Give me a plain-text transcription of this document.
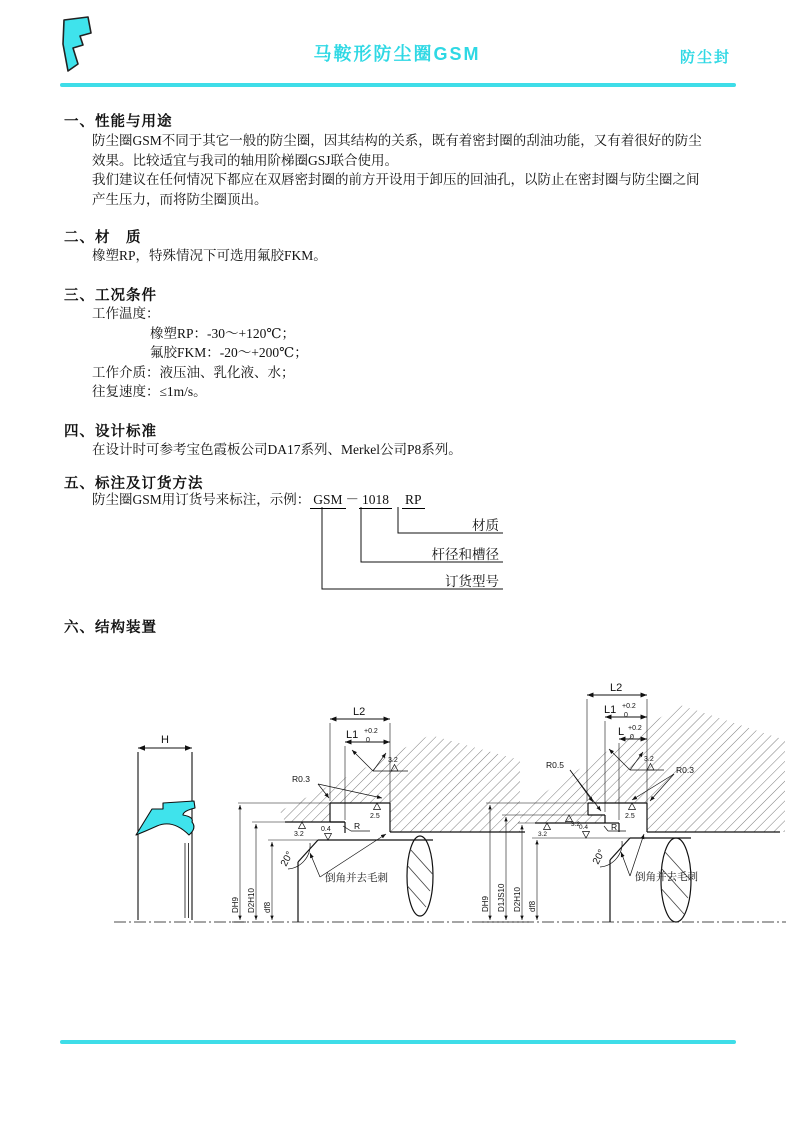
马鞍形防尘圈GSM	防尘封
一、性能与用途
防尘圈GSM不同于其它一般的防尘圈，因其结构的关系，既有着密封圈的刮油功能，又有着很好的防尘
效果。比较适宜与我司的轴用阶梯圈GSJ联合使用。
我们建议在任何情况下都应在双唇密封圈的前方开设用于卸压的回油孔，以防止在密封圈与防尘圈之间
产生压力，而将防尘圈顶出。
二、材　质
橡塑RP，特殊情况下可选用氟胶FKM。
三、工况条件
工作温度：
橡塑RP：-30～+120℃；
氟胶FKM：-20～+200℃；
工作介质：液压油、乳化液、水；
往复速度：≤1m/s。
四、设计标准
在设计时可参考宝色霞板公司DA17系列、Merkel公司P8系列。
五、标注及订货方法
防尘圈GSM用订货号来标注，示例： GSM － 1018 RP
材质
杆径和槽径
订货型号
六、结构装置
H
L2
L1 +0.2
0
3.2
R0.3
2.5
3.2
0.4	R
20°
倒角并去毛刺
DH9 D2H10 df8
L2
L1 +0.2
0
L +0.2
0
3.2
R0.5	R0.3
2.5
3.2
3.2
0.4	R
20°
倒角并去毛刺
DH9 D1JS10 D2H10 df8
